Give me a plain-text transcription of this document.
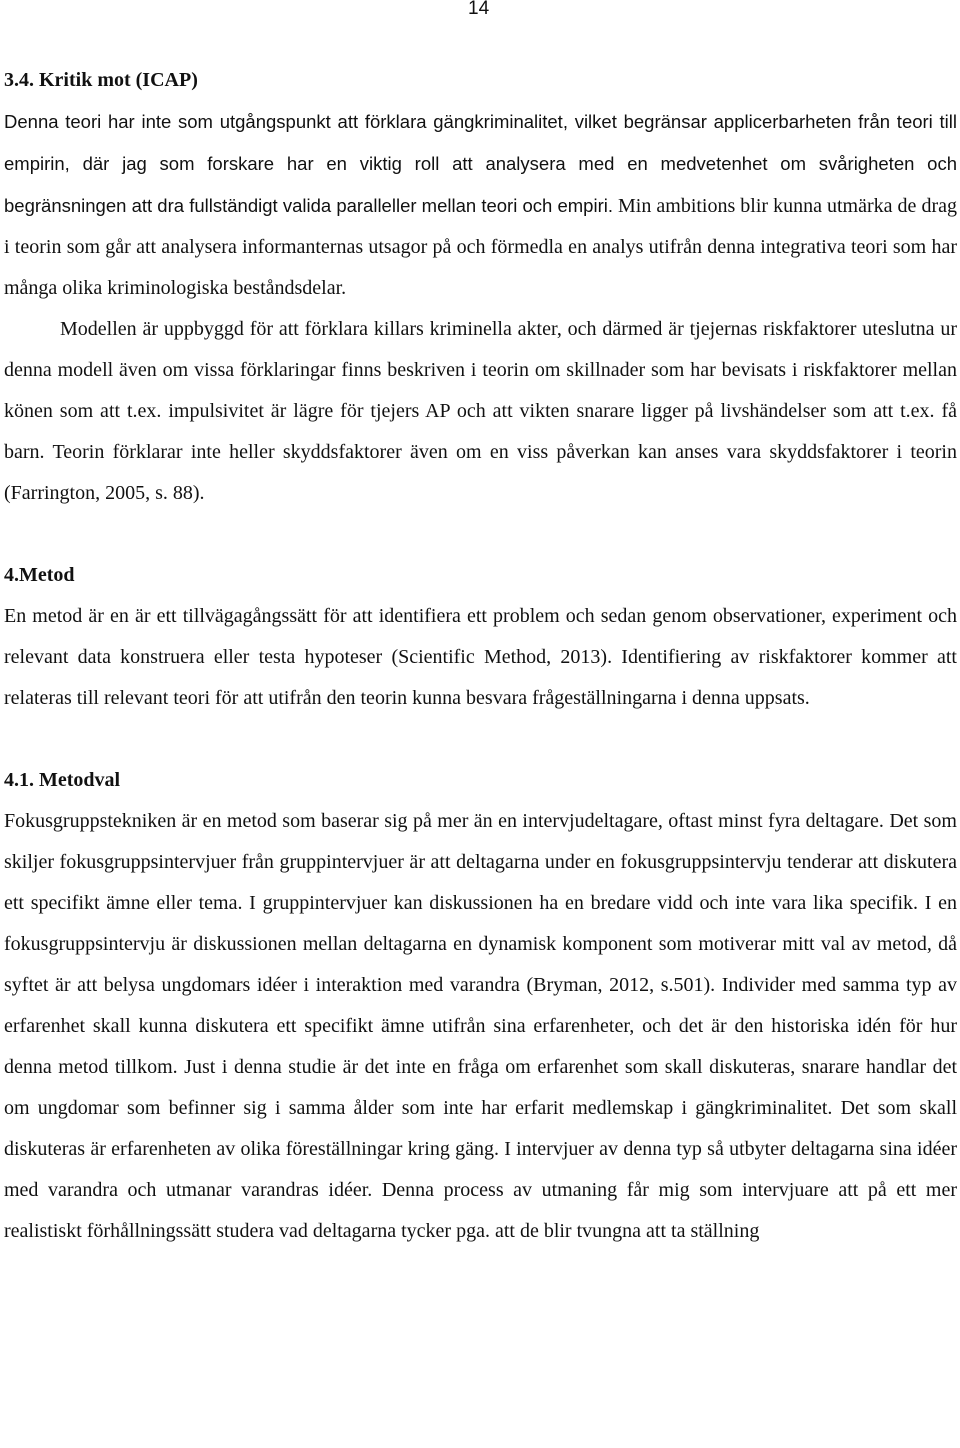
14
3.4. Kritik mot (ICAP)

Denna teori har inte som utgångspunkt att förklara gängkriminalitet, vilket begränsar applicerbarheten från teori till empirin, där jag som forskare har en viktig roll att analysera med en medvetenhet om svårigheten och begränsningen att dra fullständigt valida paralleller mellan teori och empiri. Min ambitions blir kunna utmärka de drag i teorin som går att analysera informanternas utsagor på och förmedla en analys utifrån denna integrativa teori som har många olika kriminologiska beståndsdelar.

Modellen är uppbyggd för att förklara killars kriminella akter, och därmed är tjejernas riskfaktorer uteslutna ur denna modell även om vissa förklaringar finns beskriven i teorin om skillnader som har bevisats i riskfaktorer mellan könen som att t.ex. impulsivitet är lägre för tjejers AP och att vikten snarare ligger på livshändelser som att t.ex. få barn. Teorin förklarar inte heller skyddsfaktorer även om en viss påverkan kan anses vara skyddsfaktorer i teorin (Farrington, 2005, s. 88).

4.Metod

En metod är en är ett tillvägagångssätt för att identifiera ett problem och sedan genom observationer, experiment och relevant data konstruera eller testa hypoteser (Scientific Method, 2013). Identifiering av riskfaktorer kommer att relateras till relevant teori för att utifrån den teorin kunna besvara frågeställningarna i denna uppsats.

4.1. Metodval

Fokusgruppstekniken är en metod som baserar sig på mer än en intervjudeltagare, oftast minst fyra deltagare. Det som skiljer fokusgruppsintervjuer från gruppintervjuer är att deltagarna under en fokusgruppsintervju tenderar att diskutera ett specifikt ämne eller tema. I gruppintervjuer kan diskussionen ha en bredare vidd och inte vara lika specifik. I en fokusgruppsintervju är diskussionen mellan deltagarna en dynamisk komponent som motiverar mitt val av metod, då syftet är att belysa ungdomars idéer i interaktion med varandra (Bryman, 2012, s.501). Individer med samma typ av erfarenhet skall kunna diskutera ett specifikt ämne utifrån sina erfarenheter, och det är den historiska idén för hur denna metod tillkom. Just i denna studie är det inte en fråga om erfarenhet som skall diskuteras, snarare handlar det om ungdomar som befinner sig i samma ålder som inte har erfarit medlemskap i gängkriminalitet. Det som skall diskuteras är erfarenheten av olika föreställningar kring gäng. I intervjuer av denna typ så utbyter deltagarna sina idéer med varandra och utmanar varandras idéer. Denna process av utmaning får mig som intervjuare att på ett mer realistiskt förhållningssätt studera vad deltagarna tycker pga. att de blir tvungna att ta ställning
